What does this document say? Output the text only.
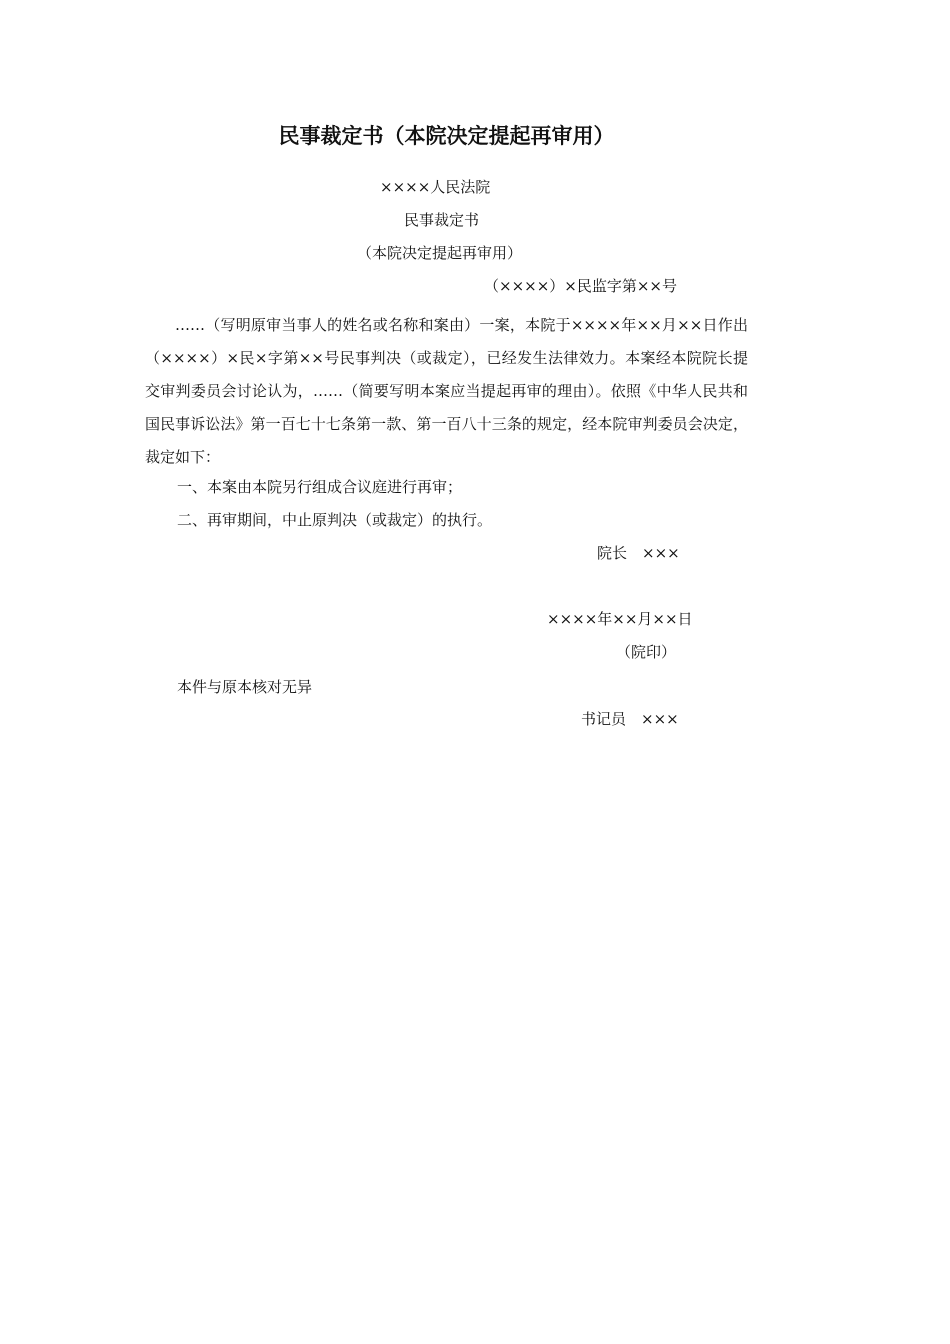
民事裁定书（本院决定提起再审用）
××××人民法院
民事裁定书
（本院决定提起再审用）
（××××）×民监字第××号
……（写明原审当事人的姓名或名称和案由）一案，本院于××××年××月××日作出（××××）×民×字第××号民事判决（或裁定），已经发生法律效力。本案经本院院长提交审判委员会讨论认为，……（简要写明本案应当提起再审的理由）。依照《中华人民共和国民事诉讼法》第一百七十七条第一款、第一百八十三条的规定，经本院审判委员会决定，裁定如下：
一、本案由本院另行组成合议庭进行再审；
二、再审期间，中止原判决（或裁定）的执行。
院长　×××
××××年××月××日
（院印）
本件与原本核对无异
书记员　×××
